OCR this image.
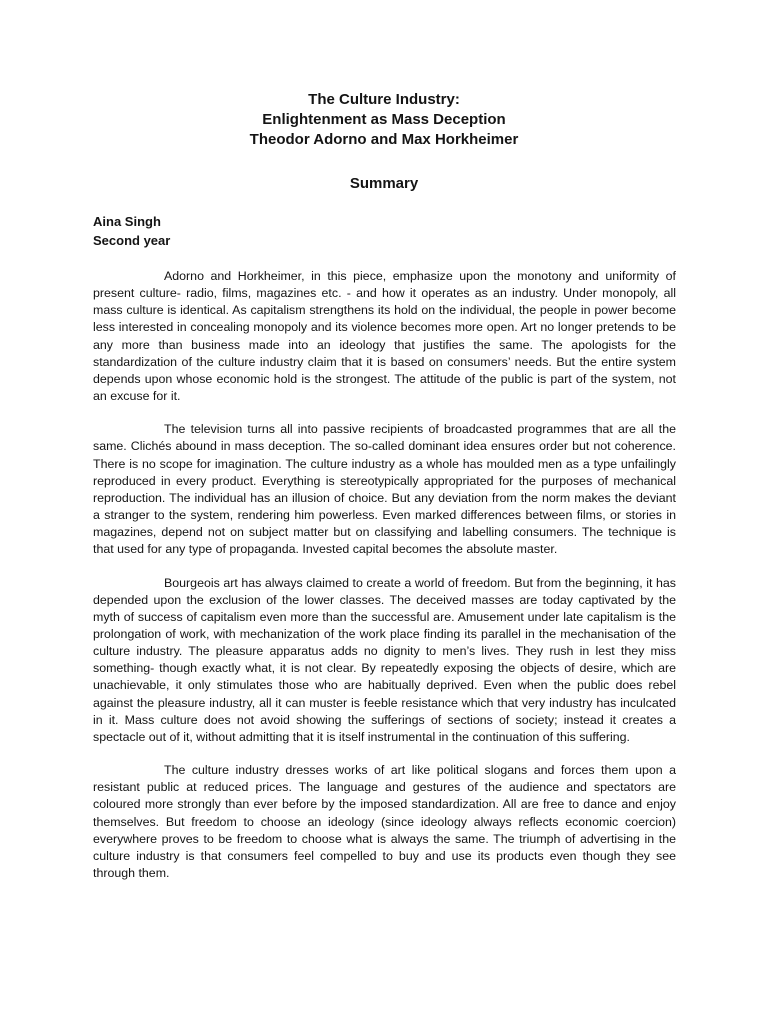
The Culture Industry:
Enlightenment as Mass Deception
Theodor Adorno and Max Horkheimer
Summary
Aina Singh
Second year

Adorno and Horkheimer, in this piece, emphasize upon the monotony and uniformity of present culture- radio, films, magazines etc. - and how it operates as an industry. Under monopoly, all mass culture is identical. As capitalism strengthens its hold on the individual, the people in power become less interested in concealing monopoly and its violence becomes more open. Art no longer pretends to be any more than business made into an ideology that justifies the same. The apologists for the standardization of the culture industry claim that it is based on consumers’ needs. But the entire system depends upon whose economic hold is the strongest. The attitude of the public is part of the system, not an excuse for it.

The television turns all into passive recipients of broadcasted programmes that are all the same. Clichés abound in mass deception. The so-called dominant idea ensures order but not coherence. There is no scope for imagination. The culture industry as a whole has moulded men as a type unfailingly reproduced in every product. Everything is stereotypically appropriated for the purposes of mechanical reproduction. The individual has an illusion of choice. But any deviation from the norm makes the deviant a stranger to the system, rendering him powerless. Even marked differences between films, or stories in magazines, depend not on subject matter but on classifying and labelling consumers. The technique is that used for any type of propaganda. Invested capital becomes the absolute master.

Bourgeois art has always claimed to create a world of freedom. But from the beginning, it has depended upon the exclusion of the lower classes. The deceived masses are today captivated by the myth of success of capitalism even more than the successful are. Amusement under late capitalism is the prolongation of work, with mechanization of the work place finding its parallel in the mechanisation of the culture industry. The pleasure apparatus adds no dignity to men’s lives. They rush in lest they miss something- though exactly what, it is not clear. By repeatedly exposing the objects of desire, which are unachievable, it only stimulates those who are habitually deprived. Even when the public does rebel against the pleasure industry, all it can muster is feeble resistance which that very industry has inculcated in it. Mass culture does not avoid showing the sufferings of sections of society; instead it creates a spectacle out of it, without admitting that it is itself instrumental in the continuation of this suffering.

The culture industry dresses works of art like political slogans and forces them upon a resistant public at reduced prices. The language and gestures of the audience and spectators are coloured more strongly than ever before by the imposed standardization. All are free to dance and enjoy themselves. But freedom to choose an ideology (since ideology always reflects economic coercion) everywhere proves to be freedom to choose what is always the same. The triumph of advertising in the culture industry is that consumers feel compelled to buy and use its products even though they see through them.
